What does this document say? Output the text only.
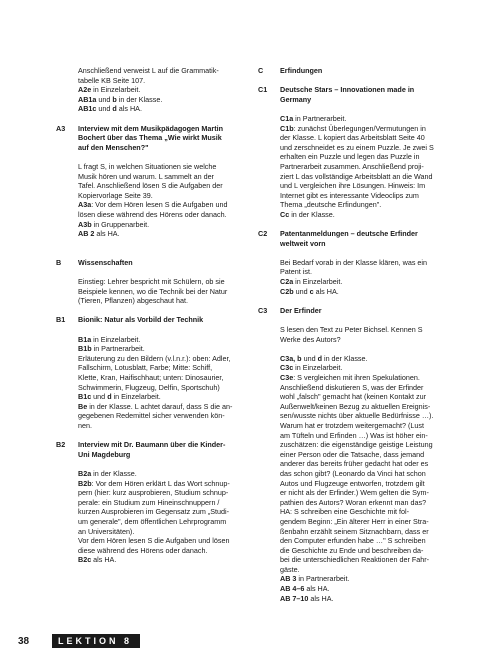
Anschließend verweist L auf die Grammatik-

tabelle KB Seite 107.

A2e in Einzelarbeit.

AB1a und b in der Klasse.

AB1c und d als HA.

A3	Interview mit dem Musikpädagogen Martin
Bochert über das Thema „Wie wirkt Musik
auf den Menschen?"

L fragt S, in welchen Situationen sie welche

Musik hören und warum. L sammelt an der

Tafel. Anschließend lösen S die Aufgaben der

Kopiervorlage Seite 39.

A3a: Vor dem Hören lesen S die Aufgaben und

lösen diese während des Hörens oder danach.

A3b in Gruppenarbeit.

AB 2 als HA.

B	Wissenschaften

Einstieg: Lehrer bespricht mit Schülern, ob sie

Beispiele kennen, wo die Technik bei der Natur

(Tieren, Pflanzen) abgeschaut hat.

B1	Bionik: Natur als Vorbild der Technik

B1a in Einzelarbeit.

B1b in Partnerarbeit.

Erläuterung zu den Bildern (v.l.n.r.): oben: Adler,

Fallschirm, Lotusblatt, Farbe; Mitte: Schiff,

Klette, Kran, Haifischhaut; unten: Dinosaurier,

Schwimmerin, Flugzeug, Delfin, Sportschuh)

B1c und d in Einzelarbeit.

Be in der Klasse. L achtet darauf, dass S die an-

gegebenen Redemittel sicher verwenden kön-

nen.

B2	Interview mit Dr. Baumann über die Kinder-
Uni Magdeburg

B2a in der Klasse.

B2b: Vor dem Hören erklärt L das Wort schnup-

pern (hier: kurz ausprobieren, Studium schnup-

perale: ein Studium zum Hineinschnuppern /

kurzen Ausprobieren im Gegensatz zum „Studi-

um generale", dem öffentlichen Lehrprogramm

an Universitäten).

Vor dem Hören lesen S die Aufgaben und lösen

diese während des Hörens oder danach.

B2c als HA.

C	Erfindungen
C1	Deutsche Stars – Innovationen made in
Germany

C1a in Partnerarbeit.

C1b: zunächst Überlegungen/Vermutungen in

der Klasse. L kopiert das Arbeitsblatt Seite 40

und zerschneidet es zu einem Puzzle. Je zwei S

erhalten ein Puzzle und legen das Puzzle in

Partnerarbeit zusammen. Anschließend proji-

ziert L das vollständige Arbeitsblatt an die Wand

und L vergleichen ihre Lösungen. Hinweis: Im

Internet gibt es interessante Videoclips zum

Thema „deutsche Erfindungen".

Cc in der Klasse.

C2	Patentanmeldungen – deutsche Erfinder
weltweit vorn

Bei Bedarf vorab in der Klasse klären, was ein

Patent ist.

C2a in Einzelarbeit.

C2b und c als HA.

C3	Der Erfinder

S lesen den Text zu Peter Bichsel. Kennen S

Werke des Autors?

C3a, b und d in der Klasse.

C3c in Einzelarbeit.

C3e: S vergleichen mit ihren Spekulationen.

Anschließend diskutieren S, was der Erfinder

wohl „falsch" gemacht hat (keinen Kontakt zur

Außenwelt/keinen Bezug zu aktuellen Ereignis-

sen/wusste nichts über aktuelle Bedürfnisse …).

Warum hat er trotzdem weitergemacht? (Lust

am Tüfteln und Erfinden …) Was ist höher ein-

zuschätzen: die eigenständige geistige Leistung

einer Person oder die Tatsache, dass jemand

anderer das bereits früher gedacht hat oder es

das schon gibt? (Leonardo da Vinci hat schon

Autos und Flugzeuge entworfen, trotzdem gilt

er nicht als der Erfinder.) Wem gelten die Sym-

pathien des Autors? Woran erkennt man das?

HA: S schreiben eine Geschichte mit fol-

gendem Beginn: „Ein älterer Herr in einer Stra-

ßenbahn erzählt seinem Sitznachbarn, dass er

den Computer erfunden habe …" S schreiben

die Geschichte zu Ende und beschreiben da-

bei die unterschiedlichen Reaktionen der Fahr-

gäste.

AB 3 in Partnerarbeit.

AB 4–6 als HA.

AB 7–10 als HA.

38	LEKTION 8
